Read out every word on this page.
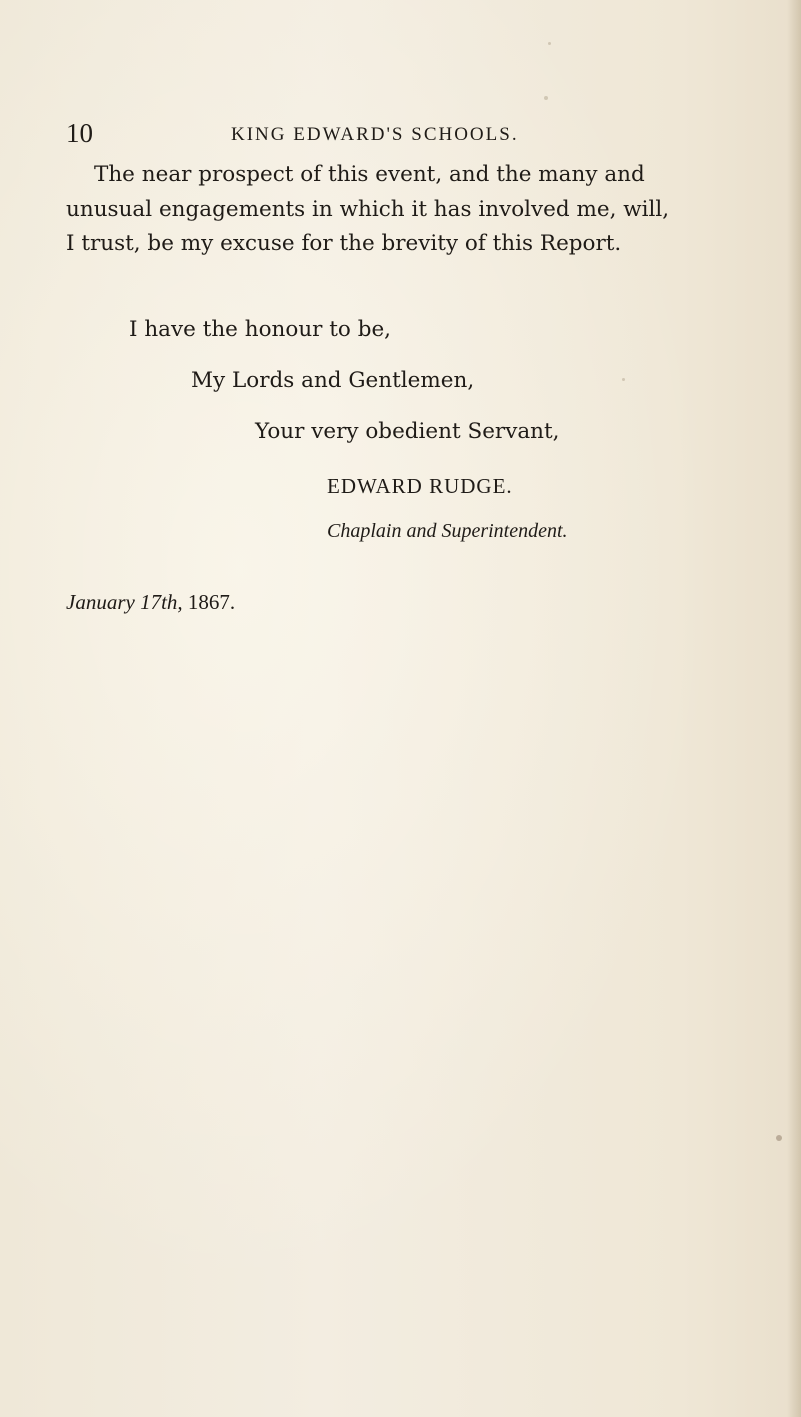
10	KING EDWARD'S SCHOOLS.
The near prospect of this event, and the many and
unusual engagements in which it has involved me, will,
I trust, be my excuse for the brevity of this Report.
I have the honour to be,
My Lords and Gentlemen,
Your very obedient Servant,
EDWARD RUDGE.
Chaplain and Superintendent.
January 17th, 1867.
